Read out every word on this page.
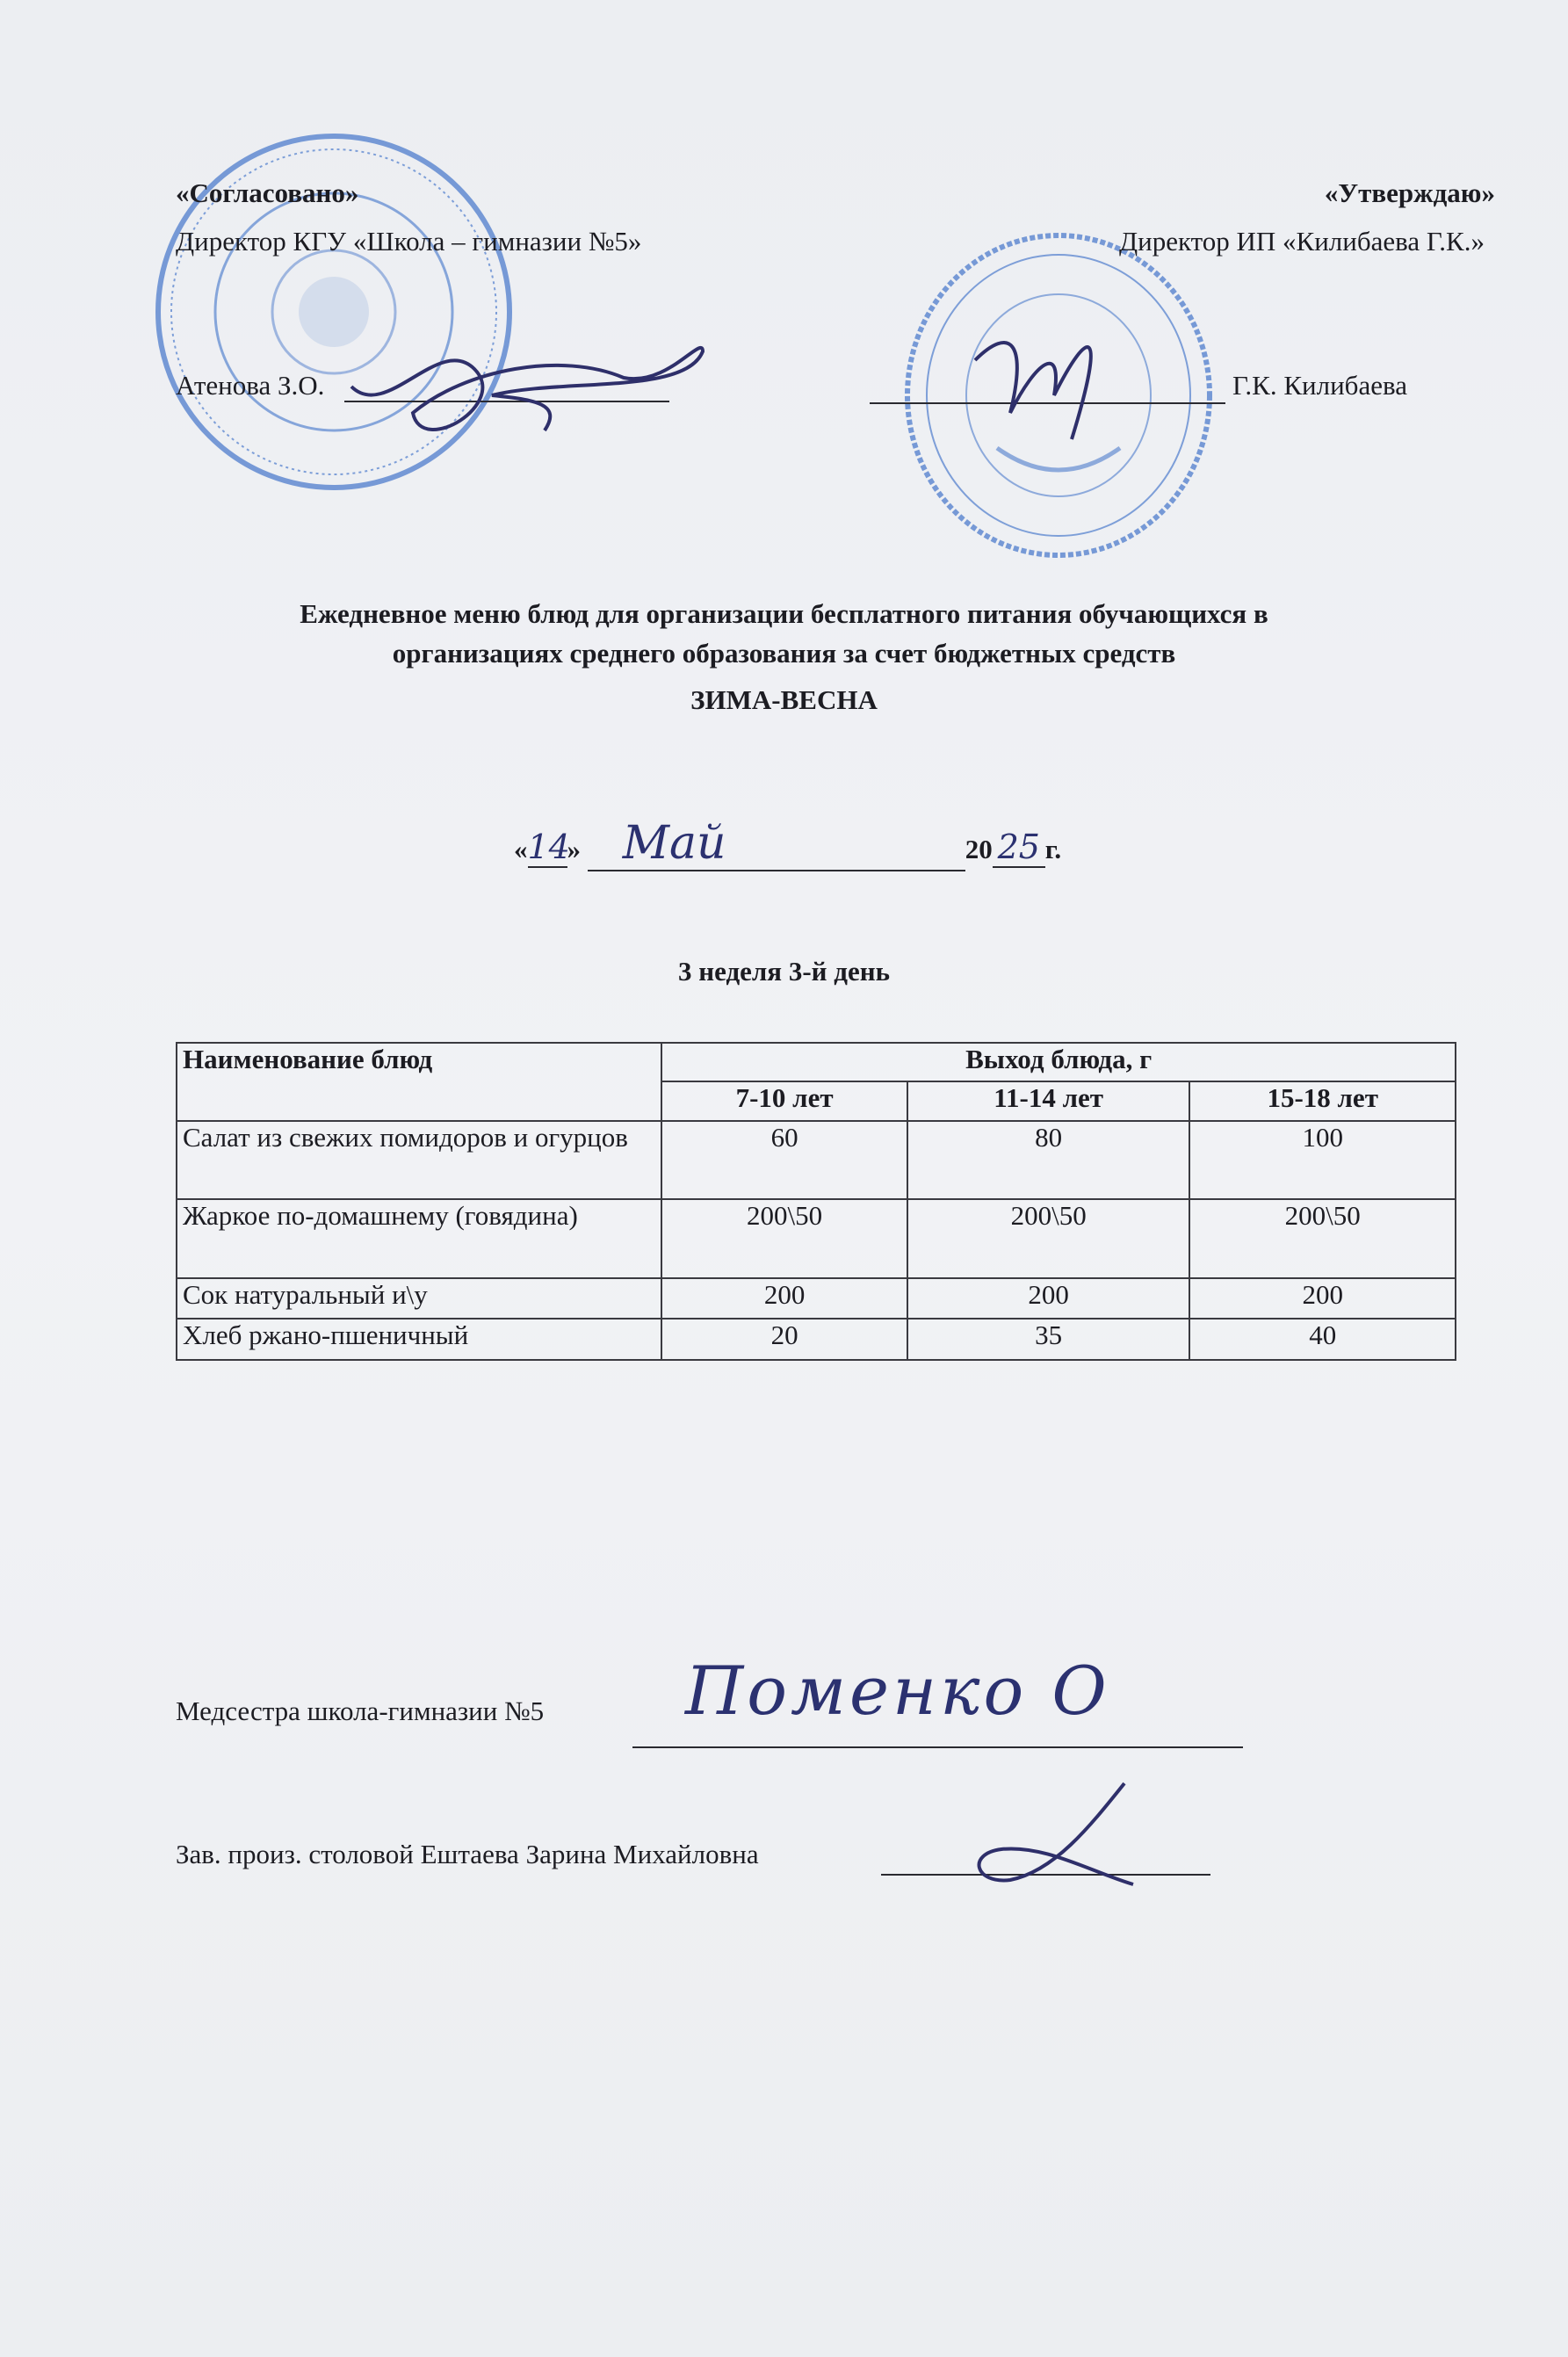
«Согласовано»
Директор КГУ «Школа – гимназии №5»
Атенова З.О.
«Утверждаю»
Директор ИП «Килибаева Г.К.»
Г.К. Килибаева
Ежедневное меню блюд для организации бесплатного питания обучающихся в
организациях среднего образования за счет бюджетных средств
ЗИМА-ВЕСНА
«14» Май	20 25 г.
3 неделя 3-й день
Наименование блюд	Выход блюда, г		
	7-10 лет	11-14 лет	15-18 лет
Салат из свежих помидоров и огурцов	60	80	100
Жаркое по-домашнему (говядина)	200\50	200\50	200\50
Сок натуральный и\у	200	200	200
Хлеб ржано-пшеничный	20	35	40
Медсестра школа-гимназии №5 Поменко О
Зав. произ. столовой Ештаева Зарина Михайловна
